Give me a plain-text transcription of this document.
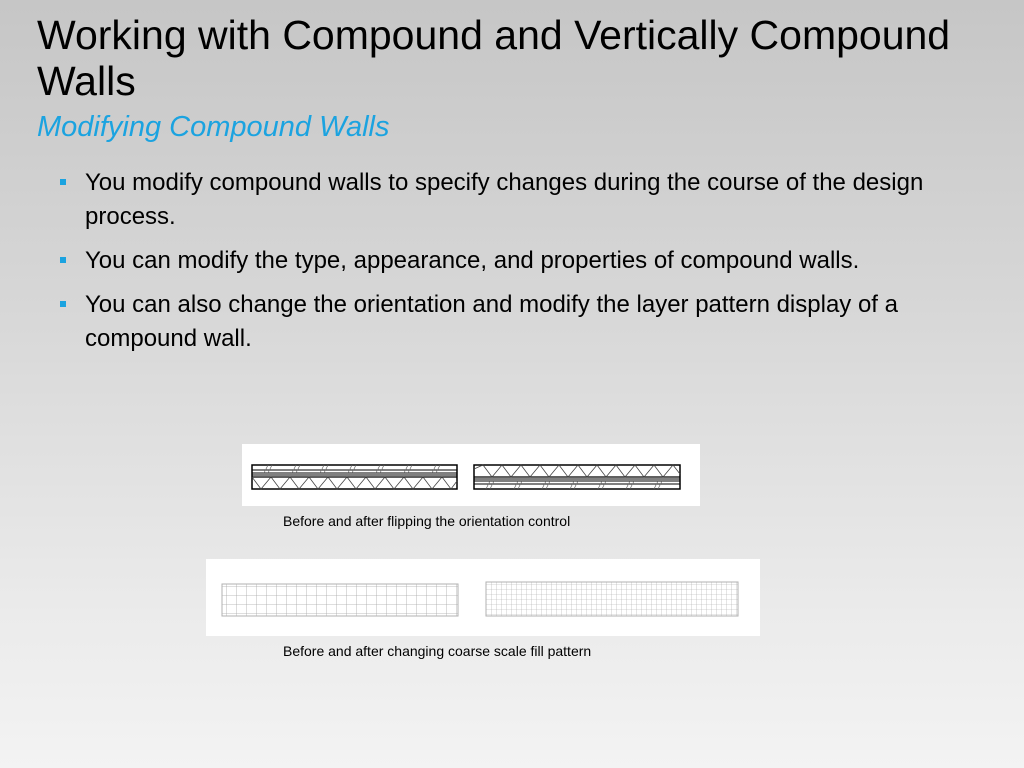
Working with Compound and Vertically Compound Walls
Modifying Compound Walls
You modify compound walls to specify changes during the course of the design process.
You can modify the type, appearance, and properties of compound walls.
You can also change the orientation and modify the layer pattern display of a compound wall.

Before and after flipping the orientation control

Before and after changing coarse scale fill pattern
